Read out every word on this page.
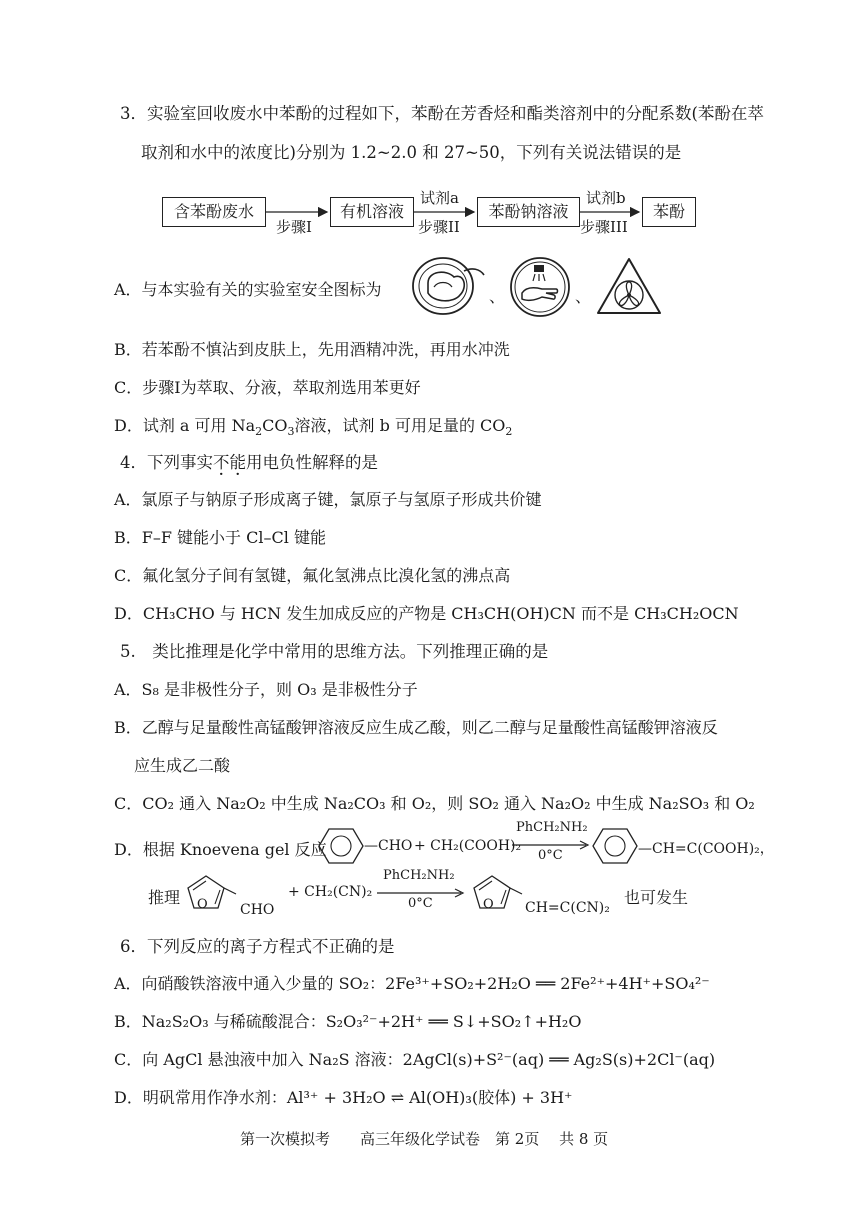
3．实验室回收废水中苯酚的过程如下，苯酚在芳香烃和酯类溶剂中的分配系数(苯酚在萃
取剂和水中的浓度比)分别为 1.2~2.0 和 27~50，下列有关说法错误的是
含苯酚废水	有机溶液	苯酚钠溶液	苯酚
步骤I
试剂a
步骤II
试剂b
步骤III
A．与本实验有关的实验室安全图标为	、	、
B．若苯酚不慎沾到皮肤上，先用酒精冲洗，再用水冲洗
C．步骤Ⅰ为萃取、分液，萃取剂选用苯更好
D．试剂 a 可用 $Na_2CO_3$溶液，试剂 b 可用足量的 $CO_2$
4．下列事实不能用电负性解释的是
A．氯原子与钠原子形成离子键，氯原子与氢原子形成共价键
B．F–F 键能小于 Cl–Cl 键能
C．氟化氢分子间有氢键，氟化氢沸点比溴化氢的沸点高
D．CH₃CHO 与 HCN 发生加成反应的产物是 CH₃CH(OH)CN 而不是 CH₃CH₂OCN
5.　类比推理是化学中常用的思维方法。下列推理正确的是
A．S₈ 是非极性分子，则 O₃ 是非极性分子
B．乙醇与足量酸性高锰酸钾溶液反应生成乙酸，则乙二醇与足量酸性高锰酸钾溶液反
应生成乙二酸
C．CO₂ 通入 Na₂O₂ 中生成 Na₂CO₃ 和 O₂，则 SO₂ 通入 Na₂O₂ 中生成 Na₂SO₃ 和 O₂
D．根据 Knoevena gel 反应	—CHO + CH₂(COOH)₂
PhCH₂NH₂
0°C	—CH=C(COOH)₂，
推理 O CHO
+ CH₂(CN)₂
PhCH₂NH₂
0°C	O CH=C(CN)₂
也可发生
6．下列反应的离子方程式不正确的是
A．向硝酸铁溶液中通入少量的 SO₂：2Fe³⁺+SO₂+2H₂O ══ 2Fe²⁺+4H⁺+SO₄²⁻
B．Na₂S₂O₃ 与稀硫酸混合：S₂O₃²⁻+2H⁺ ══ S↓+SO₂↑+H₂O
C．向 AgCl 悬浊液中加入 Na₂S 溶液：2AgCl(s)+S²⁻(aq) ══ Ag₂S(s)+2Cl⁻(aq)
D．明矾常用作净水剂：Al³⁺ + 3H₂O ⇌ Al(OH)₃(胶体) + 3H⁺
第一次模拟考　　高三年级化学试卷　第 2页　 共 8 页
